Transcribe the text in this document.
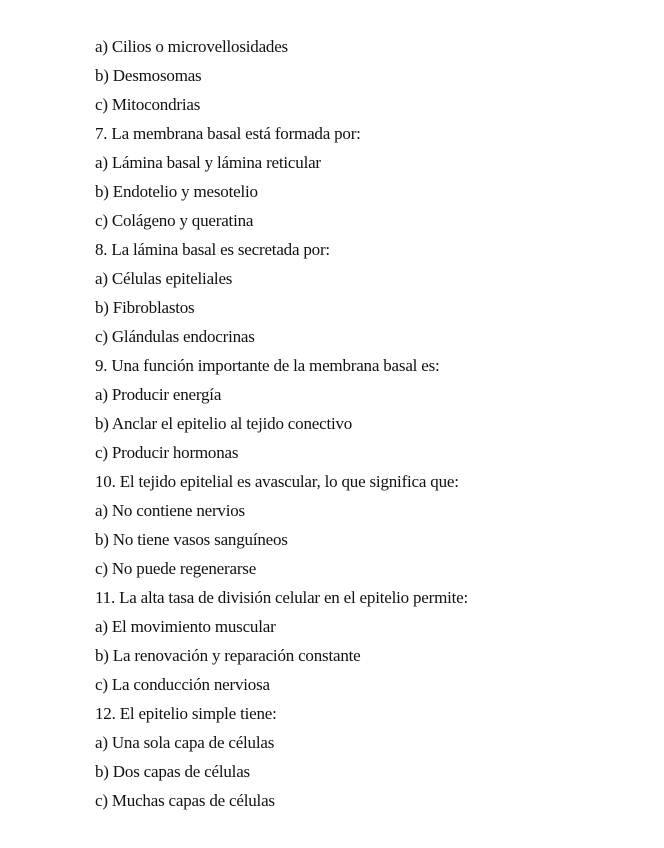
a) Cilios o microvellosidades
b) Desmosomas
c) Mitocondrias
7. La membrana basal está formada por:
a) Lámina basal y lámina reticular
b) Endotelio y mesotelio
c) Colágeno y queratina
8. La lámina basal es secretada por:
a) Células epiteliales
b) Fibroblastos
c) Glándulas endocrinas
9. Una función importante de la membrana basal es:
a) Producir energía
b) Anclar el epitelio al tejido conectivo
c) Producir hormonas
10. El tejido epitelial es avascular, lo que significa que:
a) No contiene nervios
b) No tiene vasos sanguíneos
c) No puede regenerarse
11. La alta tasa de división celular en el epitelio permite:
a) El movimiento muscular
b) La renovación y reparación constante
c) La conducción nerviosa
12. El epitelio simple tiene:
a) Una sola capa de células
b) Dos capas de células
c) Muchas capas de células
